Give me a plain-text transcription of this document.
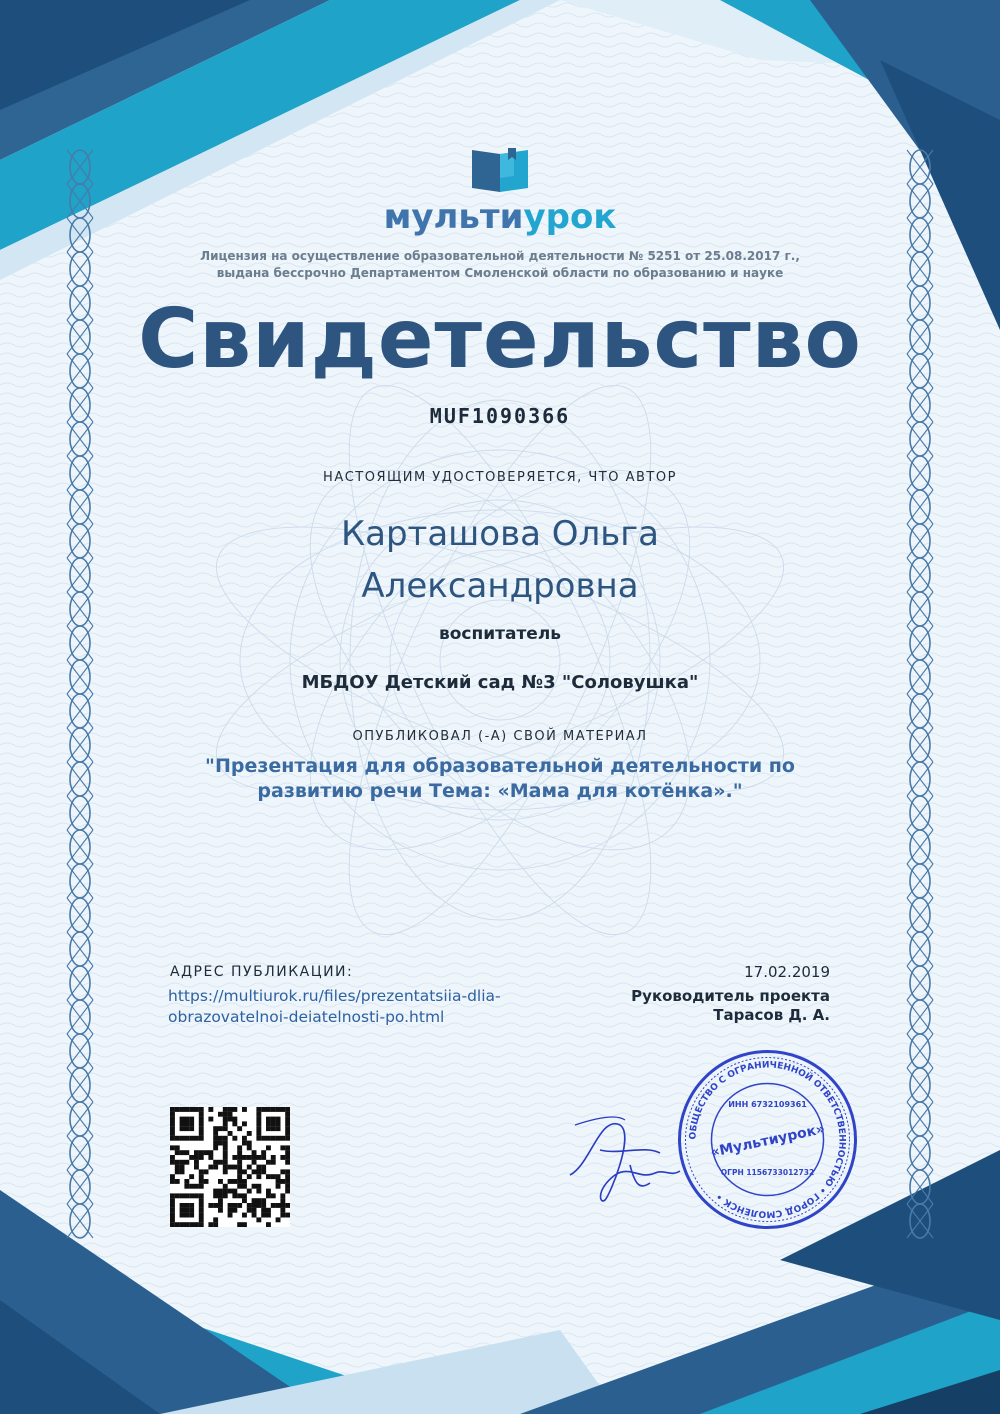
мультиурок
Лицензия на осуществление образовательной деятельности № 5251 от 25.08.2017 г.,
выдана бессрочно Департаментом Смоленской области по образованию и науке
Свидетельство
MUF1090366
НАСТОЯЩИМ УДОСТОВЕРЯЕТСЯ, ЧТО АВТОР
Карташова Ольга
Александровна
воспитатель
МБДОУ Детский сад №3 "Соловушка"
ОПУБЛИКОВАЛ (-А) СВОЙ МАТЕРИАЛ
"Презентация для образовательной деятельности по
развитию речи Тема: «Мама для котёнка»."
АДРЕС ПУБЛИКАЦИИ:
https://multiurok.ru/files/prezentatsiia-dlia-
obrazovatelnoi-deiatelnosti-po.html
17.02.2019
Руководитель проекта
Тарасов Д. А.
ОБЩЕСТВО С ОГРАНИЧЕННОЙ ОТВЕТСТВЕННОСТЬЮ • ГОРОД СМОЛЕНСК •
ИНН 6732109361
«Мультиурок»
ОГРН 1156733012732
